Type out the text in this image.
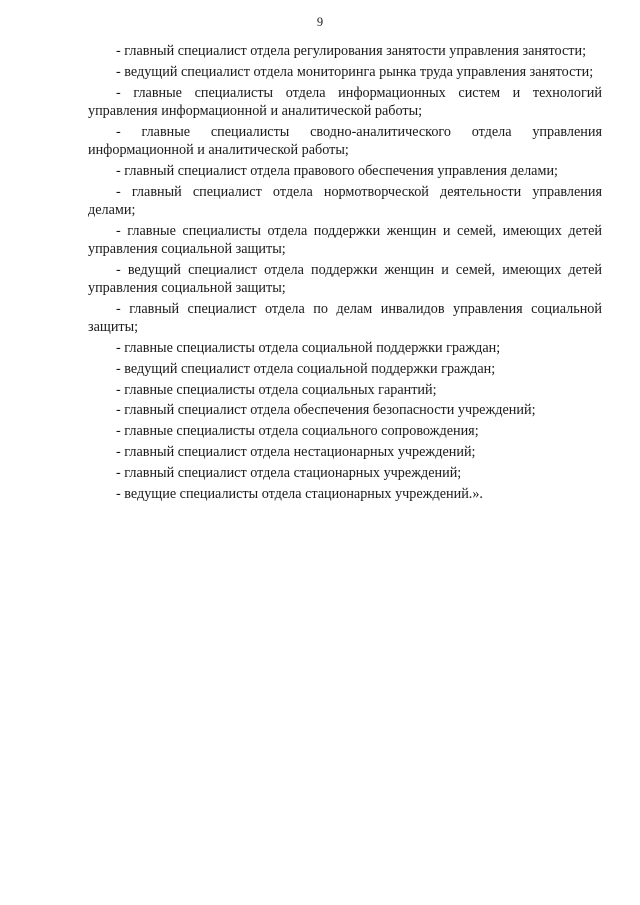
9

- главный специалист отдела регулирования занятости управления занятости;

- ведущий специалист отдела мониторинга рынка труда управления занятости;

- главные специалисты отдела информационных систем и технологий управления информационной и аналитической работы;

- главные специалисты сводно-аналитического отдела управления информационной и аналитической работы;

- главный специалист отдела правового обеспечения управления делами;

- главный специалист отдела нормотворческой деятельности управления делами;

- главные специалисты отдела поддержки женщин и семей, имеющих детей управления социальной защиты;

- ведущий специалист отдела поддержки женщин и семей, имеющих детей управления социальной защиты;

- главный специалист отдела по делам инвалидов управления социальной защиты;

- главные специалисты отдела социальной поддержки граждан;

- ведущий специалист отдела социальной поддержки граждан;

- главные специалисты отдела социальных гарантий;

- главный специалист отдела обеспечения безопасности учреждений;

- главные специалисты отдела социального сопровождения;

- главный специалист отдела нестационарных учреждений;

- главный специалист отдела стационарных учреждений;

- ведущие специалисты отдела стационарных учреждений.».
